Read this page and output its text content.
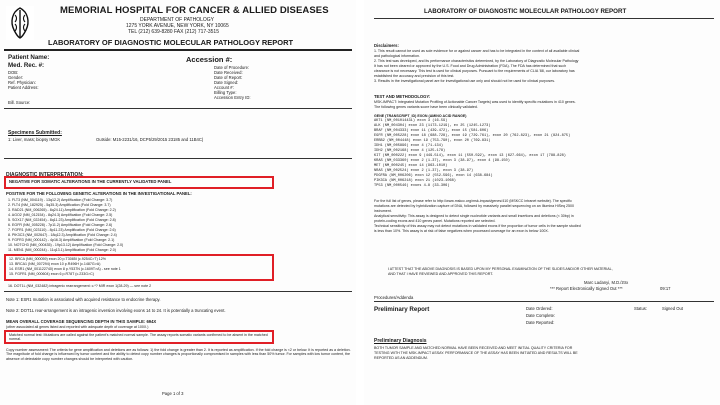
MEMORIAL HOSPITAL FOR CANCER & ALLIED DISEASES
DEPARTMENT OF PATHOLOGY
1275 YORK AVENUE, NEW YORK, NY 10065
TEL (212) 639-8280 FAX (212) 717-3515
LABORATORY OF DIAGNOSTIC MOLECULAR PATHOLOGY REPORT
Patient Name:
Med. Rec. #:
DOB:
Gender:
Ref. Physician:
Patient Address:
Accession #:
Date of Procedure:
Date Received:
Date of Report:
Date Signed:
Account #:
Billing Type:
Accession Entry ID:
Bill. Source:
Specimens Submitted:
1: Liver, mass; biopsy IMGK	Outside: M15-2231/16, DCP5/29/2015 23185 and 11B4C)
DIAGNOSTIC INTERPRETATION:
NEGATIVE FOR SOMATIC ALTERATIONS IN THE CURRENTLY VALIDATED PANEL
POSITIVE FOR THE FOLLOWING GENETIC ALTERATIONS IN THE INVESTIGATIONAL PANEL:
1. FLT3 (NM_004119) - 13q12.2) Amplification (Fold Change: 3.7)
2. FLT4 (NM_182925) - 5q35.3) Amplification (Fold Change: 3.7)
3. RAD21 (NM_006265) - 8q24.11) Amplification (Fold Change: 2.2)
4. AGO2 (NM_012154) - 8q24.3) Amplification (Fold Change: 2.5)
5. SOX17 (NM_022454) - 8q11.23) Amplification (Fold Change: 2.8)
6. EGFR (NM_005228) - 7p11.2) Amplification (Fold Change: 2.6)
7. FGFR1 (NM_023110) - 8p11.23) Amplification (Fold Change: 2.6)
8. PIK3C3 (NM_002647) - 18q12.3) Amplification (Fold Change: 2.4)
9. FGFR3 (NM_000142) - 4p16.3) Amplification (Fold Change: 2.1)
10. NOTCH3 (NM_000435) - 19p13.12) Amplification (Fold Change: 2.0)
11. MEN1 (NM_000244) - 11q13.1) Amplification (Fold Change: 2.0)
12. BRCA (NM_000059) exon 20 p.T3085I (c.9254C>T) 12%
13. BRCA1 (NM_007294) exon 10 p.R496H (c.1487G>A)
14. ESR1 (NM_001122740) exon 8 p.Y537N (c.1609T>A) - see note 1
15. FGFR1 (NM_000604) exon 6 p.R78T (c.233G>C)
16. DOT1L (NM_032482) intragenic rearrangement: c.*? MIR exon 1(28-29) — see note 2
Note 1: ESR1 mutation is associated with acquired resistance to endocrine therapy.
Note 2: DOT1L rear-arrangement is an intragenic inversion involving exons 14 to 24. It is potentially a truncating event.
MEAN OVERALL COVERAGE SEQUENCING DEPTH IN THIS SAMPLE: 694X
(other associated all genes listed and reported with adequate depth of coverage at 100X.)
Matched normal test: Mutations are called against the patient's matched normal sample. The assay reports somatic variants confirmed to be absent in the matched normal.
Copy number assessment: The criteria for gene amplification and deletions are as follows: 1) the fold change is greater than 2. It is reported as amplification. If the fold change is <2 or below. It is reported as a deletion. The magnitude of fold change is influenced by tumor content and the ability to detect copy number changes is proportionally compromised in samples with less than 50% tumor. For samples with low tumor content, the absence of detectable copy number changes should be interpreted with caution.
Page 1 of 3
LABORATORY OF DIAGNOSTIC MOLECULAR PATHOLOGY REPORT
Disclaimers:
1. This result cannot be used as sole evidence for or against cancer and has to be integrated in the context of all available clinical
and pathological information.
2. This test was developed, and its performance characteristics determined, by the Laboratory of Diagnostic Molecular Pathology
It has not been cleared or approved by the U.S. Food and Drug Administration (FDA). The FDA has determined that such
clearance is not necessary. This test is used for clinical purposes. Pursuant to the requirements of CLIA '88, our laboratory has
established the accuracy and precision of this test.
3. Results in the investigational panel are for investigational use only and should not be used for clinical purposes.
TEST AND METHODOLOGY:
MSK-IMPACT: Integrated Mutation Profiling of Actionable Cancer Targets) was used to identify specific mutations in 410 genes.
The following genes variants score have been clinically validated.
GENE (TRANSCRIPT_ID) EXON (AMINO ACID RANGE)
AKT1 (NM_001014431) exon 3 (16-59)
ALK (NM_004304) exon 23 (1173-1219), ex 25 (1245-1273)
BRAF (NM_004333) exon 11 (439-472), exon 15 (581-606)
EGFR (NM_005228) exon 18 (688-728), exon 19 (729-761), exon 20 (762-823), exon 21 (824-875)
ERBB2 (NM_004448) exon 19 (753-790), exon 20 (769-831)
IDH1 (NM_005896) exon 4 (71-134)
IDH2 (NM_002168) exon 4 (125-178)
KIT (NM_000222) exon 9 (449-514), exon 11 (550-592), exon 13 (627-664), exon 17 (788-828)
KRAS (NM_033360) exon 2 (1-37), exon 3 (38-97), exon 4 (98-150)
MET (NM_000245) exon 14 (963-1010)
NRAS (NM_002524) exon 2 (1-37), exon 3 (38-97)
PDGFRA (NM_006206) exon 12 (552-596), exon 14 (638-684)
PIK3CA (NM_006218) exon 21 (1023-1068)
TP53 (NM_000546) exons 4-8 (33-306)
For the full list of genes, please refer to http://www.mskcc.org/msk-impact/genes/410 (MSKCC intranet website). The specific
mutations are detected by hybridization capture of DNA, followed by massively parallel sequencing on an Illumina HiSeq 2500
instrument.
Analytical sensitivity: This assay is designed to detect single nucleotide variants and small insertions and deletions (< 30bp) in
protein-coding exons and 410 genes panel. Mutations reported are selected.
Technical sensitivity of this assay may not detect mutations in validated exons if the proportion of tumor cells in the sample studied
is less than 10%. This assay is at risk of false negatives when processed coverage for an exon is below 100X.
I ATTEST THAT THE ABOVE DIAGNOSIS IS BASED UPON MY PERSONAL EXAMINATION OF THE SLIDES AND/OR OTHER MATERIAL,
AND THAT I HAVE REVIEWED AND APPROVED THIS REPORT.
Marc Ladanyi, M.D./ztrx
*** Report Electronically Signed Out ***	09:17
Procedures/Addenda
Preliminary Report	Date Ordered:
Date Complete:
Date Reported:
Status:	Signed Out
Preliminary Diagnosis
BOTH TUMOR SAMPLE AND MATCHED NORMAL HAVE BEEN RECEIVED AND MEET INITIAL QUALITY CRITERIA FOR
TESTING WITH THE MSK-IMPACT ASSAY. PERFORMANCE OF THE ASSAY HAS BEEN INITIATED AND RESULTS WILL BE
REPORTED AS AN ADDENDUM.
